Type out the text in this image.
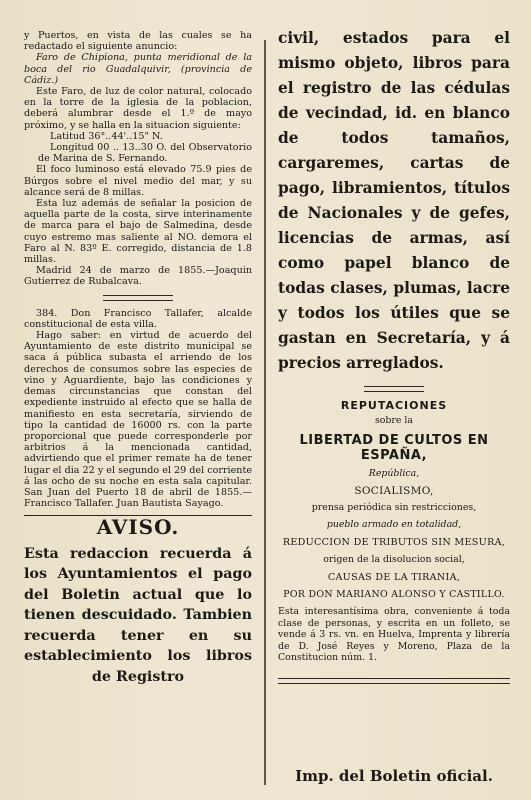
y Puertos, en vista de las cuales se ha redactado el siguiente anuncio:

Faro de Chipiona, punta meridional de la boca del rio Guadalquivir, (provincia de Cádiz.)

Este Faro, de luz de color natural, colocado en la torre de la iglesia de la poblacion, deberá alumbrar desde el 1.º de mayo próximo, y se halla en la situacion siguiente:

Latitud 36°..44'..15" N.

Longitud 00 .. 13..30 O. del Observatorio de Marina de S. Fernando.

El foco luminoso está elevado 75.9 pies de Búrgos sobre el nivel medio del mar, y su alcance será de 8 millas.

Esta luz además de señalar la posicion de aquella parte de la costa, sirve interinamente de marca para el bajo de Salmedina, desde cuyo estremo mas saliente al NO. demora el Faro al N. 83º E. corregido, distancia de 1.8 millas.

Madrid 24 de marzo de 1855.—Joaquin Gutierrez de Rubalcava.

384. Don Francisco Tallafer, alcalde constitucional de esta villa.

Hago saber: en virtud de acuerdo del Ayuntamiento de este distrito municipal se saca á pública subasta el arriendo de los derechos de consumos sobre las especies de vino y Aguardiente, bajo las condiciones y demas circunstancias que constan del expediente instruido al efecto que se halla de manifiesto en esta secretaría, sirviendo de tipo la cantidad de 16000 rs. con la parte proporcional que puede corresponderle por arbitrios á la mencionada cantidad, advirtiendo que el primer remate ha de tener lugar el dia 22 y el segundo el 29 del corriente á las ocho de su noche en esta sala capitular. San Juan del Puerto 18 de abril de 1855.—Francisco Tallafer. Juan Bautista Sayago.

AVISO.

Esta redaccion recuerda á los Ayuntamientos el pago del Boletin actual que lo tienen descuidado. Tambien recuerda tener en su establecimiento los libros de Registro

civil, estados para el mismo objeto, libros para el registro de las cédulas de vecindad, id. en blanco de todos tamaños, cargaremes, cartas de pago, libramientos, títulos de Nacionales y de gefes, licencias de armas, así como papel blanco de todas clases, plumas, lacre y todos los útiles que se gastan en Secretaría, y á precios arreglados.

REPUTACIONES
sobre la
LIBERTAD DE CULTOS EN ESPAÑA,
República,
SOCIALISMO,
prensa periódica sin restricciones,
pueblo armado en totalidad,
REDUCCION DE TRIBUTOS SIN MESURA,
origen de la disolucion social,
CAUSAS DE LA TIRANIA,
POR DON MARIANO ALONSO Y CASTILLO.

Esta interesantísima obra, conveniente á toda clase de personas, y escrita en un folleto, se vende á 3 rs. vn. en Huelva, Imprenta y librería de D. José Reyes y Moreno, Plaza de la Constitucion núm. 1.

Imp. del Boletin oficial.
